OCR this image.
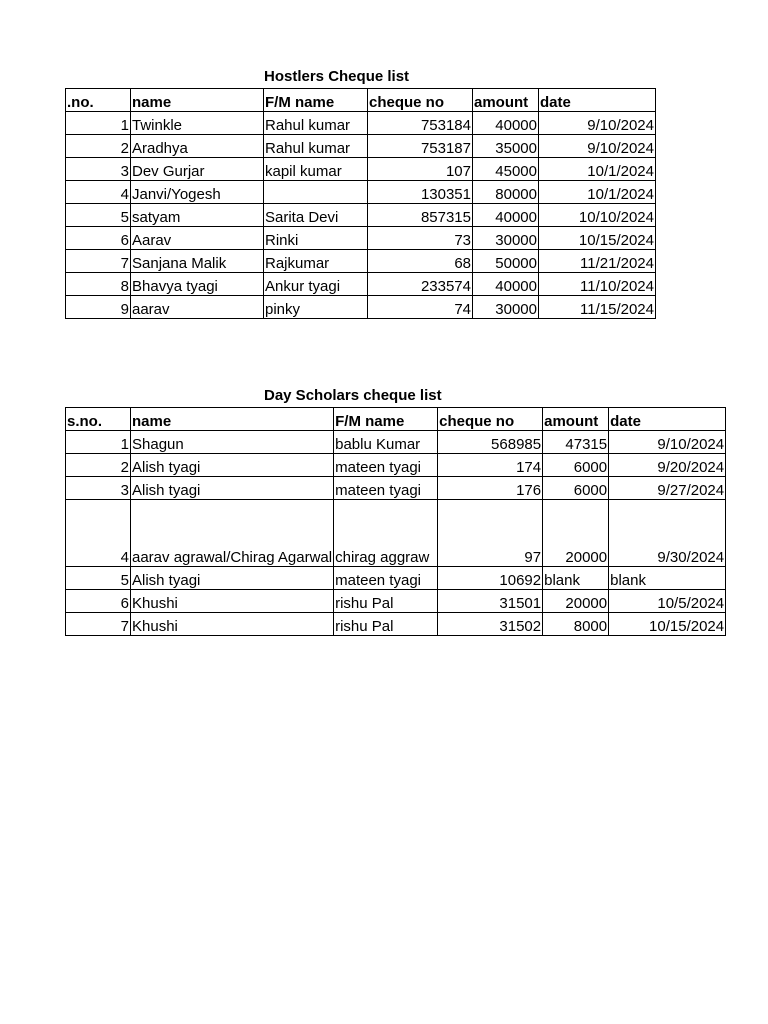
Hostlers Cheque list
.no.	name	F/M name	cheque no	amount	date
1	Twinkle	Rahul kumar	753184	40000	9/10/2024
2	Aradhya	Rahul kumar	753187	35000	9/10/2024
3	Dev Gurjar	kapil kumar	107	45000	10/1/2024
4	Janvi/Yogesh		130351	80000	10/1/2024
5	satyam	Sarita Devi	857315	40000	10/10/2024
6	Aarav	Rinki	73	30000	10/15/2024
7	Sanjana Malik	Rajkumar	68	50000	11/21/2024
8	Bhavya tyagi	Ankur tyagi	233574	40000	11/10/2024
9	aarav	pinky	74	30000	11/15/2024
Day Scholars cheque list
s.no.	name	F/M name	cheque no	amount	date
1	Shagun	bablu Kumar	568985	47315	9/10/2024
2	Alish tyagi	mateen tyagi	174	6000	9/20/2024
3	Alish tyagi	mateen tyagi	176	6000	9/27/2024
4	aarav agrawal/Chirag Agarwal	chirag aggraw	97	20000	9/30/2024
5	Alish tyagi	mateen tyagi	10692	blank	blank
6	Khushi	rishu Pal	31501	20000	10/5/2024
7	Khushi	rishu Pal	31502	8000	10/15/2024
